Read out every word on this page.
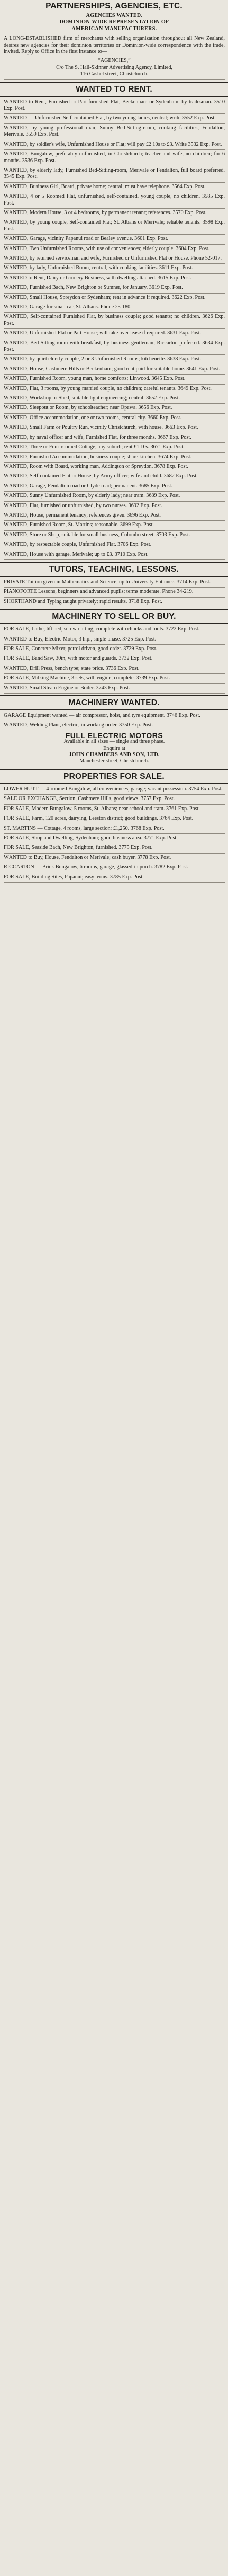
PARTNERSHIPS, AGENCIES, ETC.
AGENCIES WANTED.
DOMINION-WIDE REPRESENTATION OF
AMERICAN MANUFACTURERS.

A LONG-ESTABLISHED firm of merchants with selling organization throughout all New Zealand, desires new agencies for their dominion territories or Dominion-wide correspondence with the trade, invited. Reply to Office in the first instance to—

“AGENCIES,”
C/o The S. Hall-Skinner Advertising Agency, Limited,
116 Cashel street, Christchurch.
WANTED TO RENT.

WANTED to Rent, Furnished or Part-furnished Flat, Beckenham or Sydenham, by tradesman. 3510 Exp. Post.

WANTED — Unfurnished Self-contained Flat, by two young ladies, central; write 3552 Exp. Post.

WANTED, by young professional man, Sunny Bed-Sitting-room, cooking facilities, Fendalton, Merivale. 3559 Exp. Post.

WANTED, by soldier's wife, Unfurnished House or Flat; will pay £2 10s to £3. Write 3532 Exp. Post.

WANTED, Bungalow, preferably unfurnished, in Christchurch; teacher and wife; no children; for 6 months. 3536 Exp. Post.

WANTED, by elderly lady, Furnished Bed-Sitting-room, Merivale or Fendalton, full board preferred. 3545 Exp. Post.

WANTED, Business Girl, Board, private home; central; must have telephone. 3564 Exp. Post.

WANTED, 4 or 5 Roomed Flat, unfurnished, self-contained, young couple, no children. 3585 Exp. Post.

WANTED, Modern House, 3 or 4 bedrooms, by permanent tenant; references. 3570 Exp. Post.

WANTED, by young couple, Self-contained Flat; St. Albans or Merivale; reliable tenants. 3598 Exp. Post.

WANTED, Garage, vicinity Papanui road or Bealey avenue. 3601 Exp. Post.

WANTED, Two Unfurnished Rooms, with use of conveniences; elderly couple. 3604 Exp. Post.

WANTED, by returned serviceman and wife, Furnished or Unfurnished Flat or House. Phone 52-017.

WANTED, by lady, Unfurnished Room, central, with cooking facilities. 3611 Exp. Post.

WANTED to Rent, Dairy or Grocery Business, with dwelling attached. 3615 Exp. Post.

WANTED, Furnished Bach, New Brighton or Sumner, for January. 3619 Exp. Post.

WANTED, Small House, Spreydon or Sydenham; rent in advance if required. 3622 Exp. Post.

WANTED, Garage for small car, St. Albans. Phone 25-180.

WANTED, Self-contained Furnished Flat, by business couple; good tenants; no children. 3626 Exp. Post.

WANTED, Unfurnished Flat or Part House; will take over lease if required. 3631 Exp. Post.

WANTED, Bed-Sitting-room with breakfast, by business gentleman; Riccarton preferred. 3634 Exp. Post.

WANTED, by quiet elderly couple, 2 or 3 Unfurnished Rooms; kitchenette. 3638 Exp. Post.

WANTED, House, Cashmere Hills or Beckenham; good rent paid for suitable home. 3641 Exp. Post.

WANTED, Furnished Room, young man, home comforts; Linwood. 3645 Exp. Post.

WANTED, Flat, 3 rooms, by young married couple, no children; careful tenants. 3649 Exp. Post.

WANTED, Workshop or Shed, suitable light engineering; central. 3652 Exp. Post.

WANTED, Sleepout or Room, by schoolteacher; near Opawa. 3656 Exp. Post.

WANTED, Office accommodation, one or two rooms, central city. 3660 Exp. Post.

WANTED, Small Farm or Poultry Run, vicinity Christchurch, with house. 3663 Exp. Post.

WANTED, by naval officer and wife, Furnished Flat, for three months. 3667 Exp. Post.

WANTED, Three or Four-roomed Cottage, any suburb; rent £1 10s. 3671 Exp. Post.

WANTED, Furnished Accommodation, business couple; share kitchen. 3674 Exp. Post.

WANTED, Room with Board, working man, Addington or Spreydon. 3678 Exp. Post.

WANTED, Self-contained Flat or House, by Army officer, wife and child. 3682 Exp. Post.

WANTED, Garage, Fendalton road or Clyde road; permanent. 3685 Exp. Post.

WANTED, Sunny Unfurnished Room, by elderly lady; near tram. 3689 Exp. Post.

WANTED, Flat, furnished or unfurnished, by two nurses. 3692 Exp. Post.

WANTED, House, permanent tenancy; references given. 3696 Exp. Post.

WANTED, Furnished Room, St. Martins; reasonable. 3699 Exp. Post.

WANTED, Store or Shop, suitable for small business, Colombo street. 3703 Exp. Post.

WANTED, by respectable couple, Unfurnished Flat. 3706 Exp. Post.

WANTED, House with garage, Merivale; up to £3. 3710 Exp. Post.

TUTORS, TEACHING, LESSONS.

PRIVATE Tuition given in Mathematics and Science, up to University Entrance. 3714 Exp. Post.

PIANOFORTE Lessons, beginners and advanced pupils; terms moderate. Phone 34-219.

SHORTHAND and Typing taught privately; rapid results. 3718 Exp. Post.

MACHINERY TO SELL OR BUY.

FOR SALE, Lathe, 6ft bed, screw-cutting, complete with chucks and tools. 3722 Exp. Post.

WANTED to Buy, Electric Motor, 3 h.p., single phase. 3725 Exp. Post.

FOR SALE, Concrete Mixer, petrol driven, good order. 3729 Exp. Post.

FOR SALE, Band Saw, 30in, with motor and guards. 3732 Exp. Post.

WANTED, Drill Press, bench type; state price. 3736 Exp. Post.

FOR SALE, Milking Machine, 3 sets, with engine; complete. 3739 Exp. Post.

WANTED, Small Steam Engine or Boiler. 3743 Exp. Post.

MACHINERY WANTED.

GARAGE Equipment wanted — air compressor, hoist, and tyre equipment. 3746 Exp. Post.

WANTED, Welding Plant, electric, in working order. 3750 Exp. Post.

FULL ELECTRIC MOTORS
Available in all sizes — single and three phase.
Enquire at
JOHN CHAMBERS AND SON, LTD.
Manchester street, Christchurch.
PROPERTIES FOR SALE.

LOWER HUTT — 4-roomed Bungalow, all conveniences, garage; vacant possession. 3754 Exp. Post.

SALE OR EXCHANGE, Section, Cashmere Hills, good views. 3757 Exp. Post.

FOR SALE, Modern Bungalow, 5 rooms, St. Albans; near school and tram. 3761 Exp. Post.

FOR SALE, Farm, 120 acres, dairying, Leeston district; good buildings. 3764 Exp. Post.

ST. MARTINS — Cottage, 4 rooms, large section; £1,250. 3768 Exp. Post.

FOR SALE, Shop and Dwelling, Sydenham; good business area. 3771 Exp. Post.

FOR SALE, Seaside Bach, New Brighton, furnished. 3775 Exp. Post.

WANTED to Buy, House, Fendalton or Merivale; cash buyer. 3778 Exp. Post.

RICCARTON — Brick Bungalow, 6 rooms, garage, glassed-in porch. 3782 Exp. Post.

FOR SALE, Building Sites, Papanui; easy terms. 3785 Exp. Post.
